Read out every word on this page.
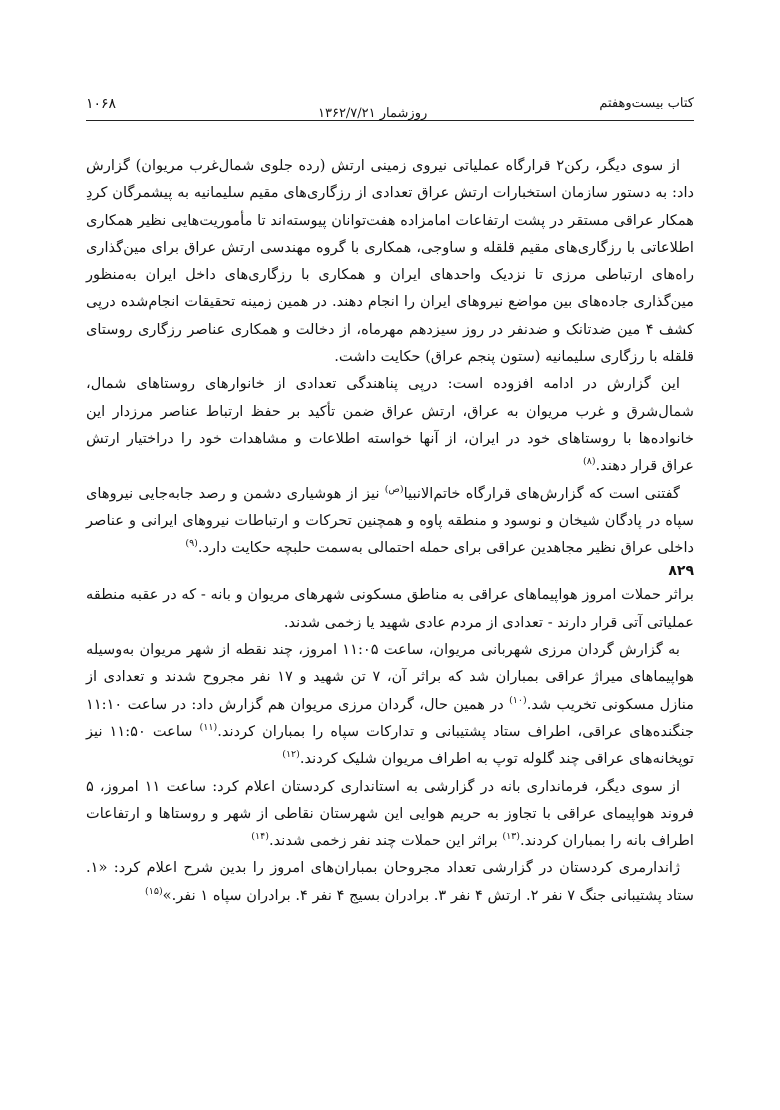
۱۰۶۸
روزشمار ۱۳۶۲/۷/۲۱
کتاب بیست‌وهفتم

از سوی دیگر، رکن۲ قرارگاه عملیاتی نیروی زمینی ارتش (رده جلوی شمال‌غرب مریوان) گزارش داد: به دستور سازمان استخبارات ارتش عراق تعدادی از رزگاری‌های مقیم سلیمانیه به پیشمرگان کردِ همکار عراقی مستقر در پشت ارتفاعات امامزاده هفت‌توانان پیوسته‌اند تا مأموریت‌هایی نظیر همکاری اطلاعاتی با رزگاری‌های مقیم قلقله و ساوجی، همکاری با گروه مهندسی ارتش عراق برای مین‌گذاری راه‌های ارتباطی مرزی تا نزدیک واحدهای ایران و همکاری با رزگاری‌های داخل ایران به‌منظور مین‌گذاری جاده‌های بین مواضع نیروهای ایران را انجام دهند. در همین زمینه تحقیقات انجام‌شده درپی کشف ۴ مین ضدتانک و ضدنفر در روز سیزدهم مهرماه، از دخالت و همکاری عناصر رزگاری روستای قلقله با رزگاری سلیمانیه (ستون پنجم عراق) حکایت داشت.

این گزارش در ادامه افزوده است: درپی پناهندگی تعدادی از خانوارهای روستاهای شمال، شمال‌شرق و غرب مریوان به عراق، ارتش عراق ضمن تأکید بر حفظ ارتباط عناصر مرزدار این خانواده‌ها با روستاهای خود در ایران، از آنها خواسته اطلاعات و مشاهدات خود را دراختیار ارتش عراق قرار دهند.$^{(۸)}$

گفتنی است که گزارش‌های قرارگاه خاتم‌الانبیا$^{(ص)}$ نیز از هوشیاری دشمن و رصد جابه‌جایی نیروهای سپاه در پادگان شیخان و نوسود و منطقه پاوه و همچنین تحرکات و ارتباطات نیروهای ایرانی و عناصر داخلی عراق نظیر مجاهدین عراقی برای حمله احتمالی به‌سمت حلبچه حکایت دارد.$^{(۹)}$

۸۲۹

براثر حملات امروز هواپیماهای عراقی به مناطق مسکونی شهرهای مریوان و بانه - که در عقبه منطقه عملیاتی آتی قرار دارند - تعدادی از مردم عادی شهید یا زخمی شدند.

به گزارش گردان مرزی شهربانی مریوان، ساعت ۱۱:۰۵ امروز، چند نقطه از شهر مریوان به‌وسیله هواپیماهای میراژ عراقی بمباران شد که براثر آن، ۷ تن شهید و ۱۷ نفر مجروح شدند و تعدادی از منازل مسکونی تخریب شد.$^{(۱۰)}$ در همین حال، گردان مرزی مریوان هم گزارش داد: در ساعت ۱۱:۱۰ جنگنده‌های عراقی، اطراف ستاد پشتیبانی و تدارکات سپاه را بمباران کردند.$^{(۱۱)}$ ساعت ۱۱:۵۰ نیز توپخانه‌های عراقی چند گلوله توپ به اطراف مریوان شلیک کردند.$^{(۱۲)}$

از سوی دیگر، فرمانداری بانه در گزارشی به استانداری کردستان اعلام کرد: ساعت ۱۱ امروز، ۵ فروند هواپیمای عراقی با تجاوز به حریم هوایی این شهرستان نقاطی از شهر و روستاها و ارتفاعات اطراف بانه را بمباران کردند.$^{(۱۳)}$ براثر این حملات چند نفر زخمی شدند.$^{(۱۴)}$

ژاندارمری کردستان در گزارشی تعداد مجروحان بمباران‌های امروز را بدین شرح اعلام کرد: «۱. ستاد پشتیبانی جنگ ۷ نفر ۲. ارتش ۴ نفر ۳. برادران بسیج ۴ نفر ۴. برادران سپاه ۱ نفر.»$^{(۱۵)}$
